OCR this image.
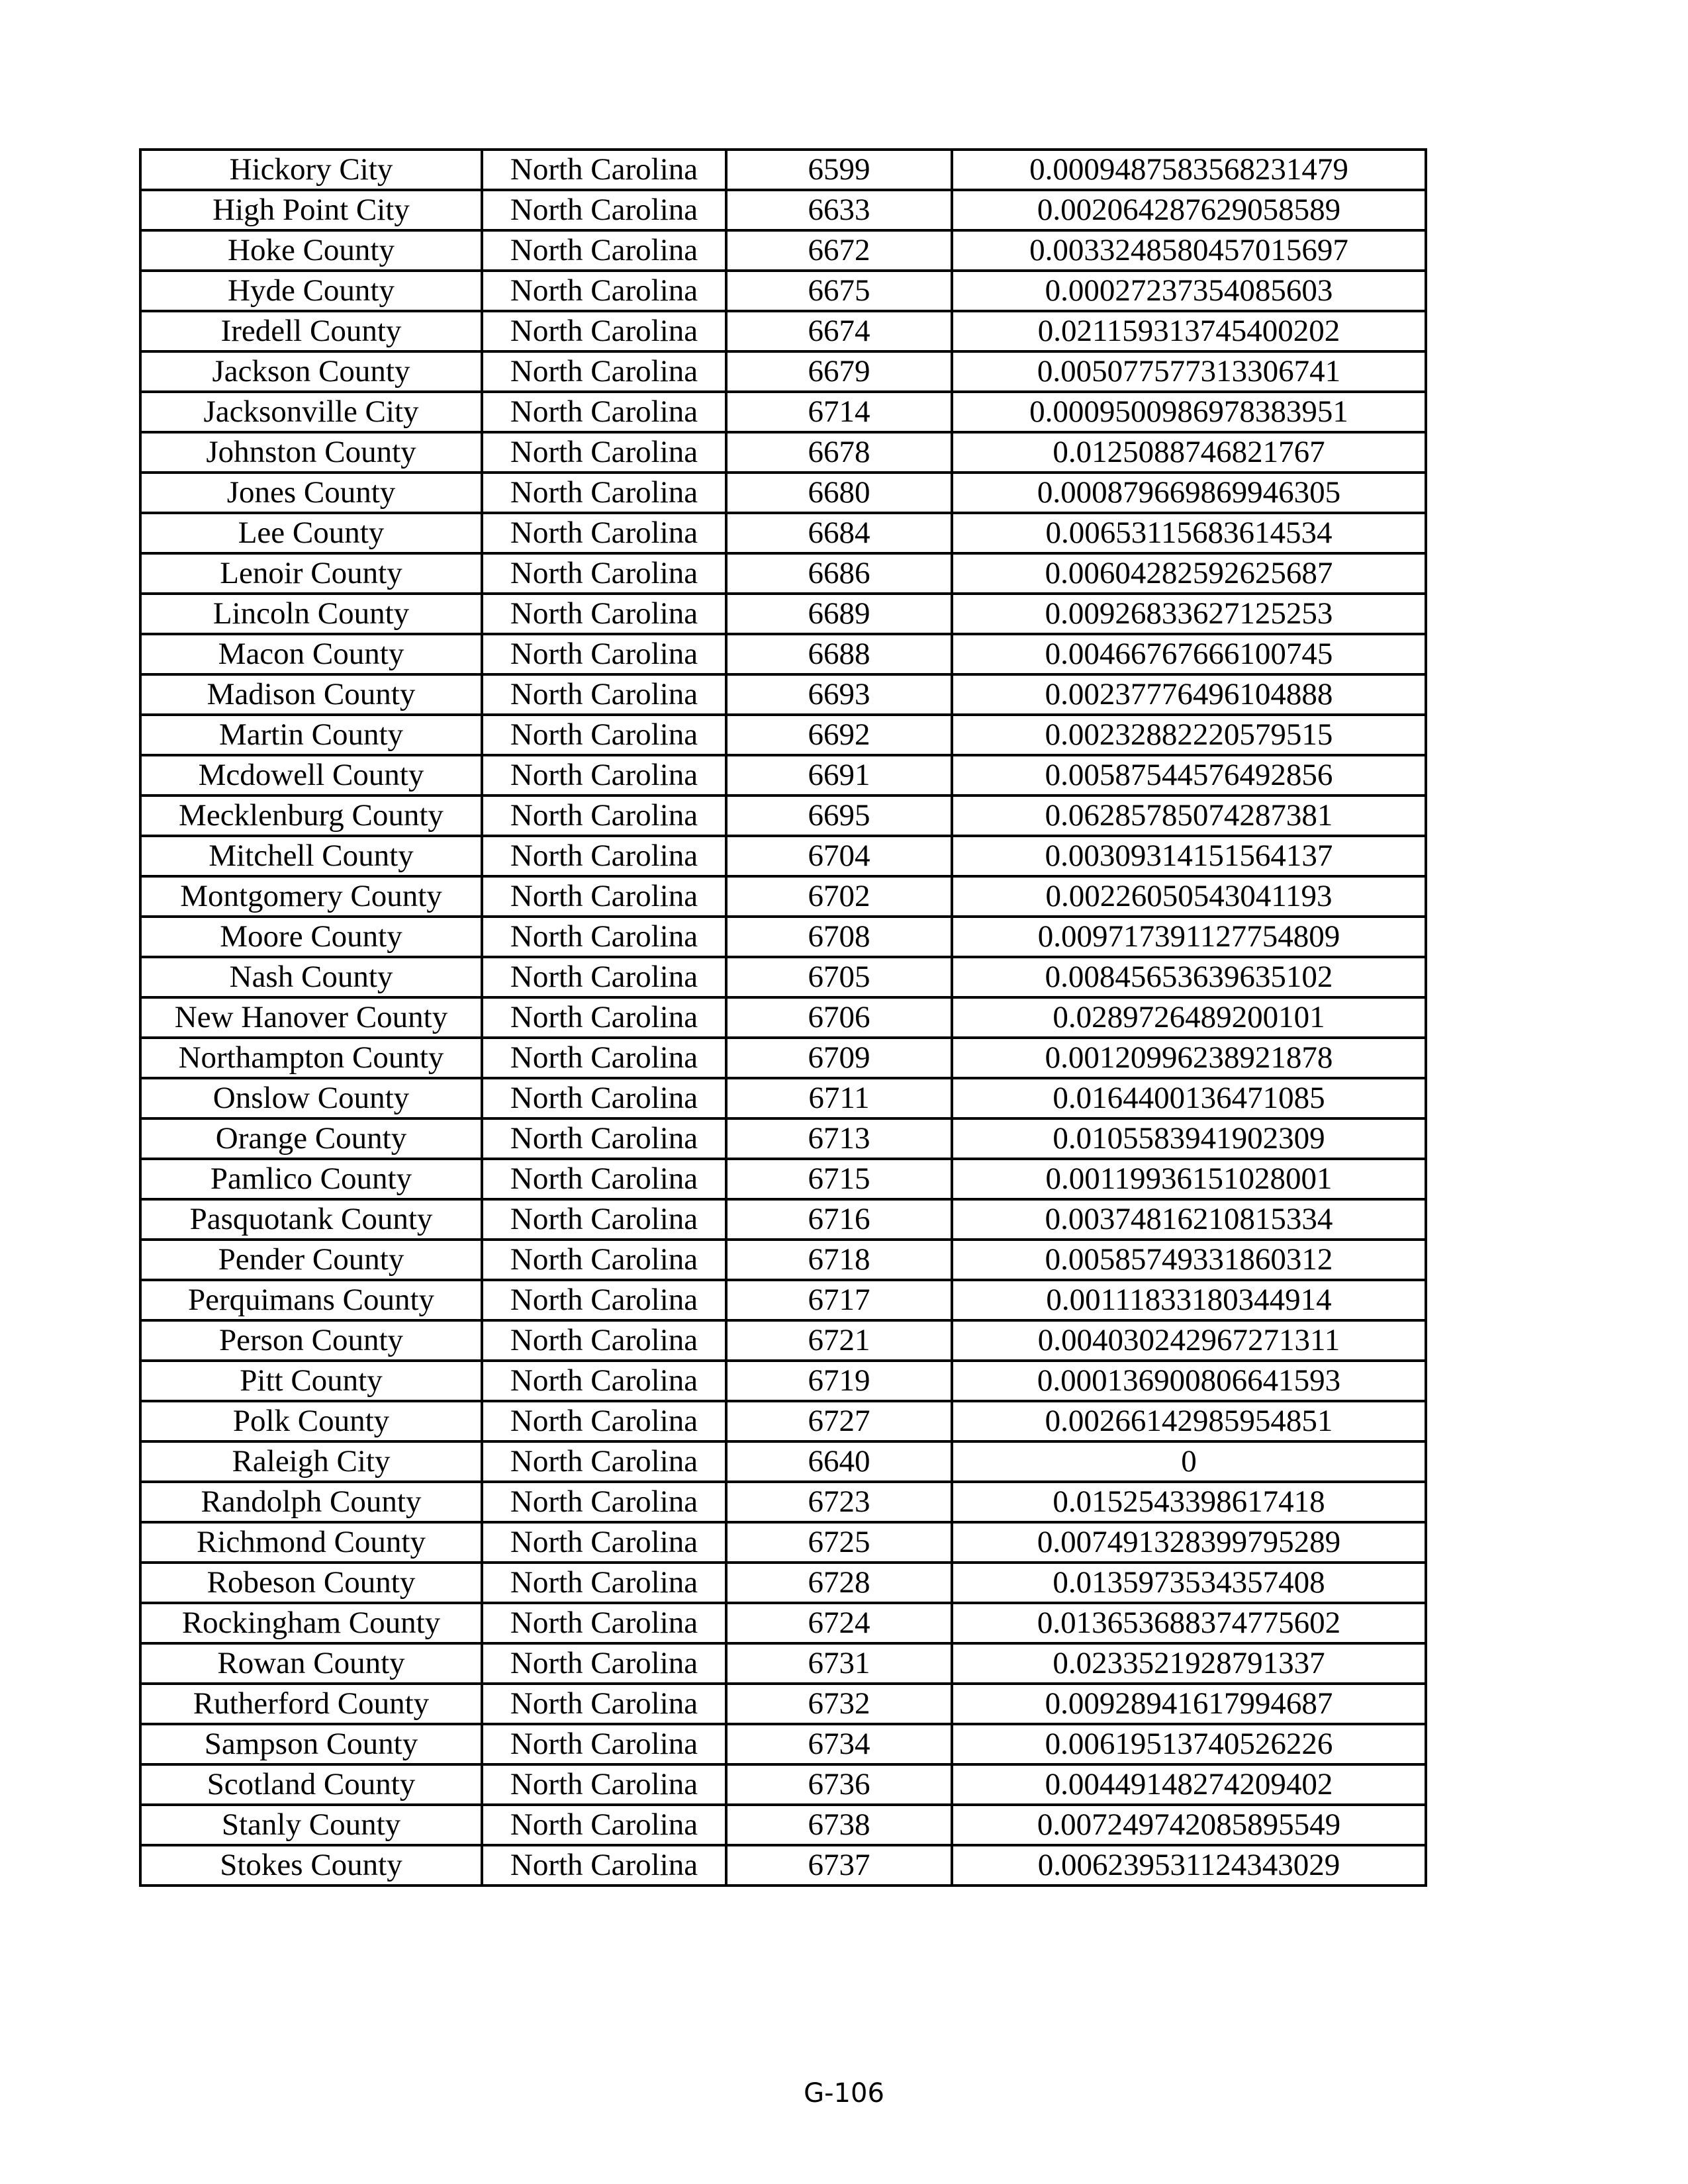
Hickory City	North Carolina	6599	0.0009487583568231479
High Point City	North Carolina	6633	0.002064287629058589
Hoke County	North Carolina	6672	0.0033248580457015697
Hyde County	North Carolina	6675	0.00027237354085603
Iredell County	North Carolina	6674	0.021159313745400202
Jackson County	North Carolina	6679	0.005077577313306741
Jacksonville City	North Carolina	6714	0.0009500986978383951
Johnston County	North Carolina	6678	0.0125088746821767
Jones County	North Carolina	6680	0.000879669869946305
Lee County	North Carolina	6684	0.00653115683614534
Lenoir County	North Carolina	6686	0.00604282592625687
Lincoln County	North Carolina	6689	0.00926833627125253
Macon County	North Carolina	6688	0.00466767666100745
Madison County	North Carolina	6693	0.00237776496104888
Martin County	North Carolina	6692	0.00232882220579515
Mcdowell County	North Carolina	6691	0.00587544576492856
Mecklenburg County	North Carolina	6695	0.06285785074287381
Mitchell County	North Carolina	6704	0.00309314151564137
Montgomery County	North Carolina	6702	0.00226050543041193
Moore County	North Carolina	6708	0.009717391127754809
Nash County	North Carolina	6705	0.00845653639635102
New Hanover County	North Carolina	6706	0.0289726489200101
Northampton County	North Carolina	6709	0.00120996238921878
Onslow County	North Carolina	6711	0.0164400136471085
Orange County	North Carolina	6713	0.0105583941902309
Pamlico County	North Carolina	6715	0.00119936151028001
Pasquotank County	North Carolina	6716	0.00374816210815334
Pender County	North Carolina	6718	0.00585749331860312
Perquimans County	North Carolina	6717	0.00111833180344914
Person County	North Carolina	6721	0.004030242967271311
Pitt County	North Carolina	6719	0.000136900806641593
Polk County	North Carolina	6727	0.00266142985954851
Raleigh City	North Carolina	6640	0
Randolph County	North Carolina	6723	0.0152543398617418
Richmond County	North Carolina	6725	0.007491328399795289
Robeson County	North Carolina	6728	0.0135973534357408
Rockingham County	North Carolina	6724	0.013653688374775602
Rowan County	North Carolina	6731	0.0233521928791337
Rutherford County	North Carolina	6732	0.00928941617994687
Sampson County	North Carolina	6734	0.00619513740526226
Scotland County	North Carolina	6736	0.00449148274209402
Stanly County	North Carolina	6738	0.007249742085895549
Stokes County	North Carolina	6737	0.006239531124343029
G-106
